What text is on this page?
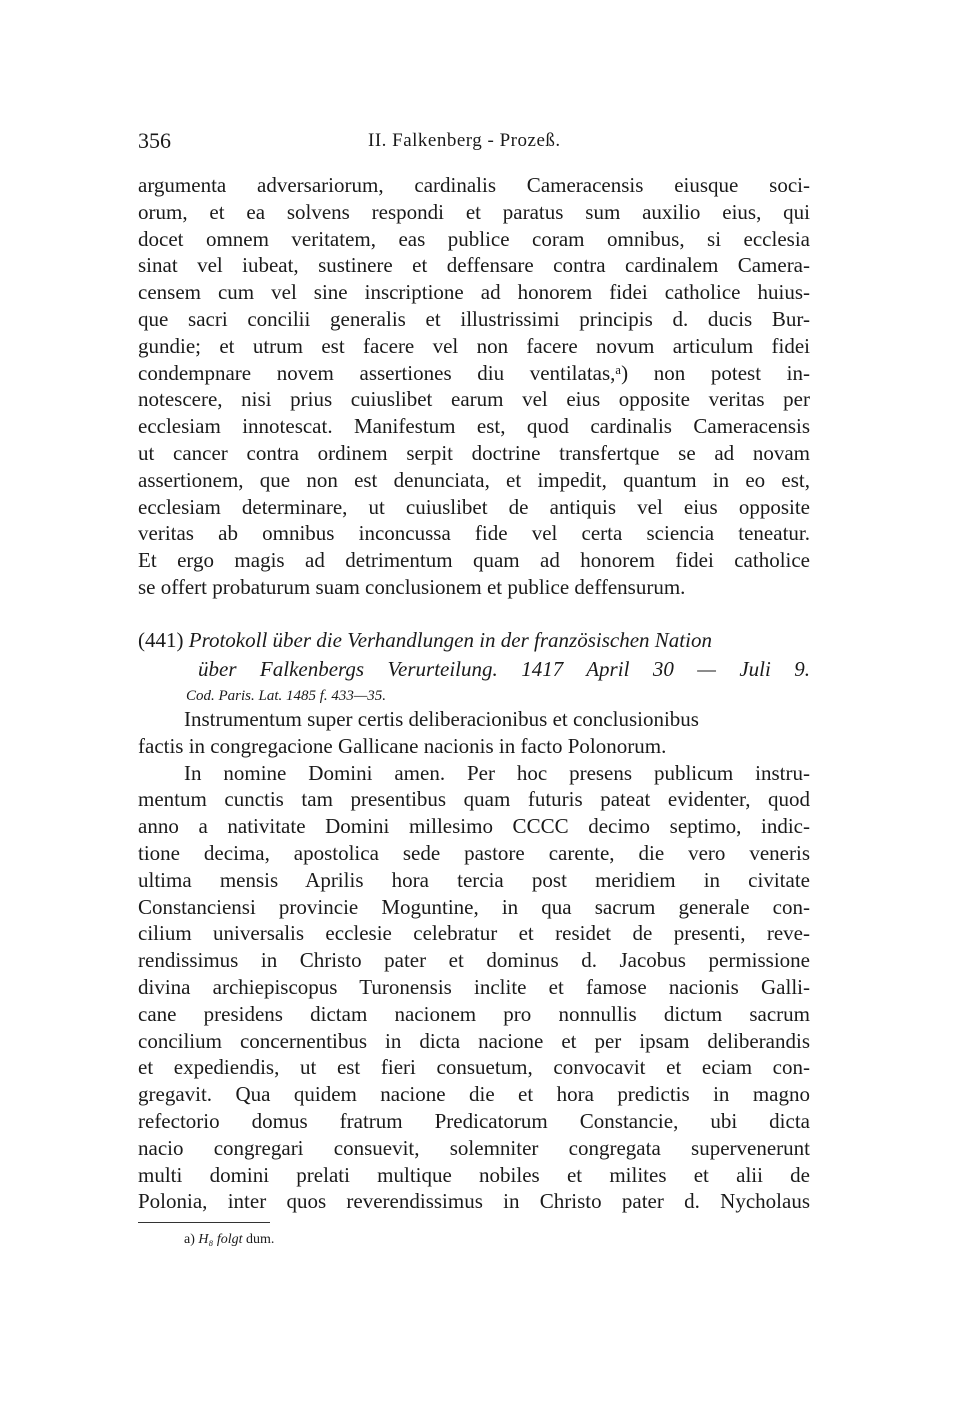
356	II. Falkenberg - Prozeß.
argumenta adversariorum, cardinalis Cameracensis eiusque soci-
orum, et ea solvens respondi et paratus sum auxilio eius, qui
docet omnem veritatem, eas publice coram omnibus, si ecclesia
sinat vel iubeat, sustinere et deffensare contra cardinalem Camera-
censem cum vel sine inscriptione ad honorem fidei catholice huius-
que sacri concilii generalis et illustrissimi principis d. ducis Bur-
gundie; et utrum est facere vel non facere novum articulum fidei
condempnare novem assertiones diu ventilatas,ᵃ) non potest in-
notescere, nisi prius cuiuslibet earum vel eius opposite veritas per
ecclesiam innotescat. Manifestum est, quod cardinalis Cameracensis
ut cancer contra ordinem serpit doctrine transfertque se ad novam
assertionem, que non est denunciata, et impedit, quantum in eo est,
ecclesiam determinare, ut cuiuslibet de antiquis vel eius opposite
veritas ab omnibus inconcussa fide vel certa sciencia teneatur.
Et ergo magis ad detrimentum quam ad honorem fidei catholice
se offert probaturum suam conclusionem et publice deffensurum.
(441) Protokoll über die Verhandlungen in der französischen Nation
über Falkenbergs Verurteilung. 1417 April 30 — Juli 9.
Cod. Paris. Lat. 1485 f. 433—35.
Instrumentum super certis deliberacionibus et conclusionibus
factis in congregacione Gallicane nacionis in facto Polonorum.
In nomine Domini amen. Per hoc presens publicum instru-
mentum cunctis tam presentibus quam futuris pateat evidenter, quod
anno a nativitate Domini millesimo CCCC decimo septimo, indic-
tione decima, apostolica sede pastore carente, die vero veneris
ultima mensis Aprilis hora tercia post meridiem in civitate
Constanciensi provincie Moguntine, in qua sacrum generale con-
cilium universalis ecclesie celebratur et residet de presenti, reve-
rendissimus in Christo pater et dominus d. Jacobus permissione
divina archiepiscopus Turonensis inclite et famose nacionis Galli-
cane presidens dictam nacionem pro nonnullis dictum sacrum
concilium concernentibus in dicta nacione et per ipsam deliberandis
et expediendis, ut est fieri consuetum, convocavit et eciam con-
gregavit. Qua quidem nacione die et hora predictis in magno
refectorio domus fratrum Predicatorum Constancie, ubi dicta
nacio congregari consuevit, solemniter congregata supervenerunt
multi domini prelati multique nobiles et milites et alii de
Polonia, inter quos reverendissimus in Christo pater d. Nycholaus
a) H₈ folgt dum.
